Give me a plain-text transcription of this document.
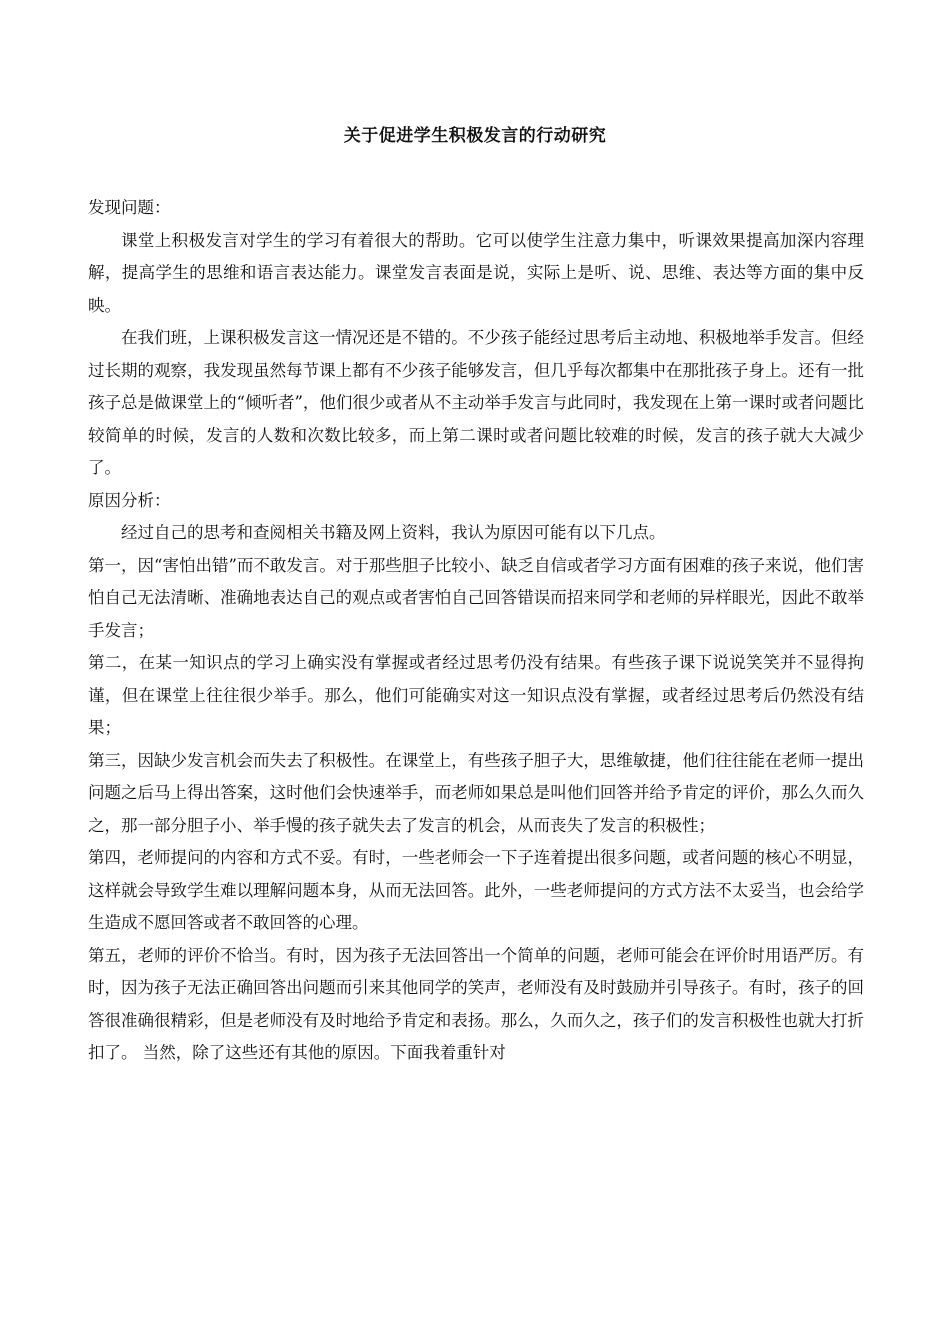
关于促进学生积极发言的行动研究

发现问题：

课堂上积极发言对学生的学习有着很大的帮助。它可以使学生注意力集中，听课效果提高加深内容理解，提高学生的思维和语言表达能力。课堂发言表面是说，实际上是听、说、思维、表达等方面的集中反映。

在我们班，上课积极发言这一情况还是不错的。不少孩子能经过思考后主动地、积极地举手发言。但经过长期的观察，我发现虽然每节课上都有不少孩子能够发言，但几乎每次都集中在那批孩子身上。还有一批孩子总是做课堂上的“倾听者”，他们很少或者从不主动举手发言与此同时，我发现在上第一课时或者问题比较简单的时候，发言的人数和次数比较多，而上第二课时或者问题比较难的时候，发言的孩子就大大减少了。

原因分析：

经过自己的思考和查阅相关书籍及网上资料，我认为原因可能有以下几点。

第一，因“害怕出错”而不敢发言。对于那些胆子比较小、缺乏自信或者学习方面有困难的孩子来说，他们害怕自己无法清晰、准确地表达自己的观点或者害怕自己回答错误而招来同学和老师的异样眼光，因此不敢举手发言；

第二，在某一知识点的学习上确实没有掌握或者经过思考仍没有结果。有些孩子课下说说笑笑并不显得拘谨，但在课堂上往往很少举手。那么，他们可能确实对这一知识点没有掌握，或者经过思考后仍然没有结果；

第三，因缺少发言机会而失去了积极性。在课堂上，有些孩子胆子大，思维敏捷，他们往往能在老师一提出问题之后马上得出答案，这时他们会快速举手，而老师如果总是叫他们回答并给予肯定的评价，那么久而久之，那一部分胆子小、举手慢的孩子就失去了发言的机会，从而丧失了发言的积极性；

第四，老师提问的内容和方式不妥。有时，一些老师会一下子连着提出很多问题，或者问题的核心不明显，这样就会导致学生难以理解问题本身，从而无法回答。此外，一些老师提问的方式方法不太妥当，也会给学生造成不愿回答或者不敢回答的心理。

第五，老师的评价不恰当。有时，因为孩子无法回答出一个简单的问题，老师可能会在评价时用语严厉。有时，因为孩子无法正确回答出问题而引来其他同学的笑声，老师没有及时鼓励并引导孩子。有时，孩子的回答很准确很精彩，但是老师没有及时地给予肯定和表扬。那么，久而久之，孩子们的发言积极性也就大打折扣了。 当然，除了这些还有其他的原因。下面我着重针对
